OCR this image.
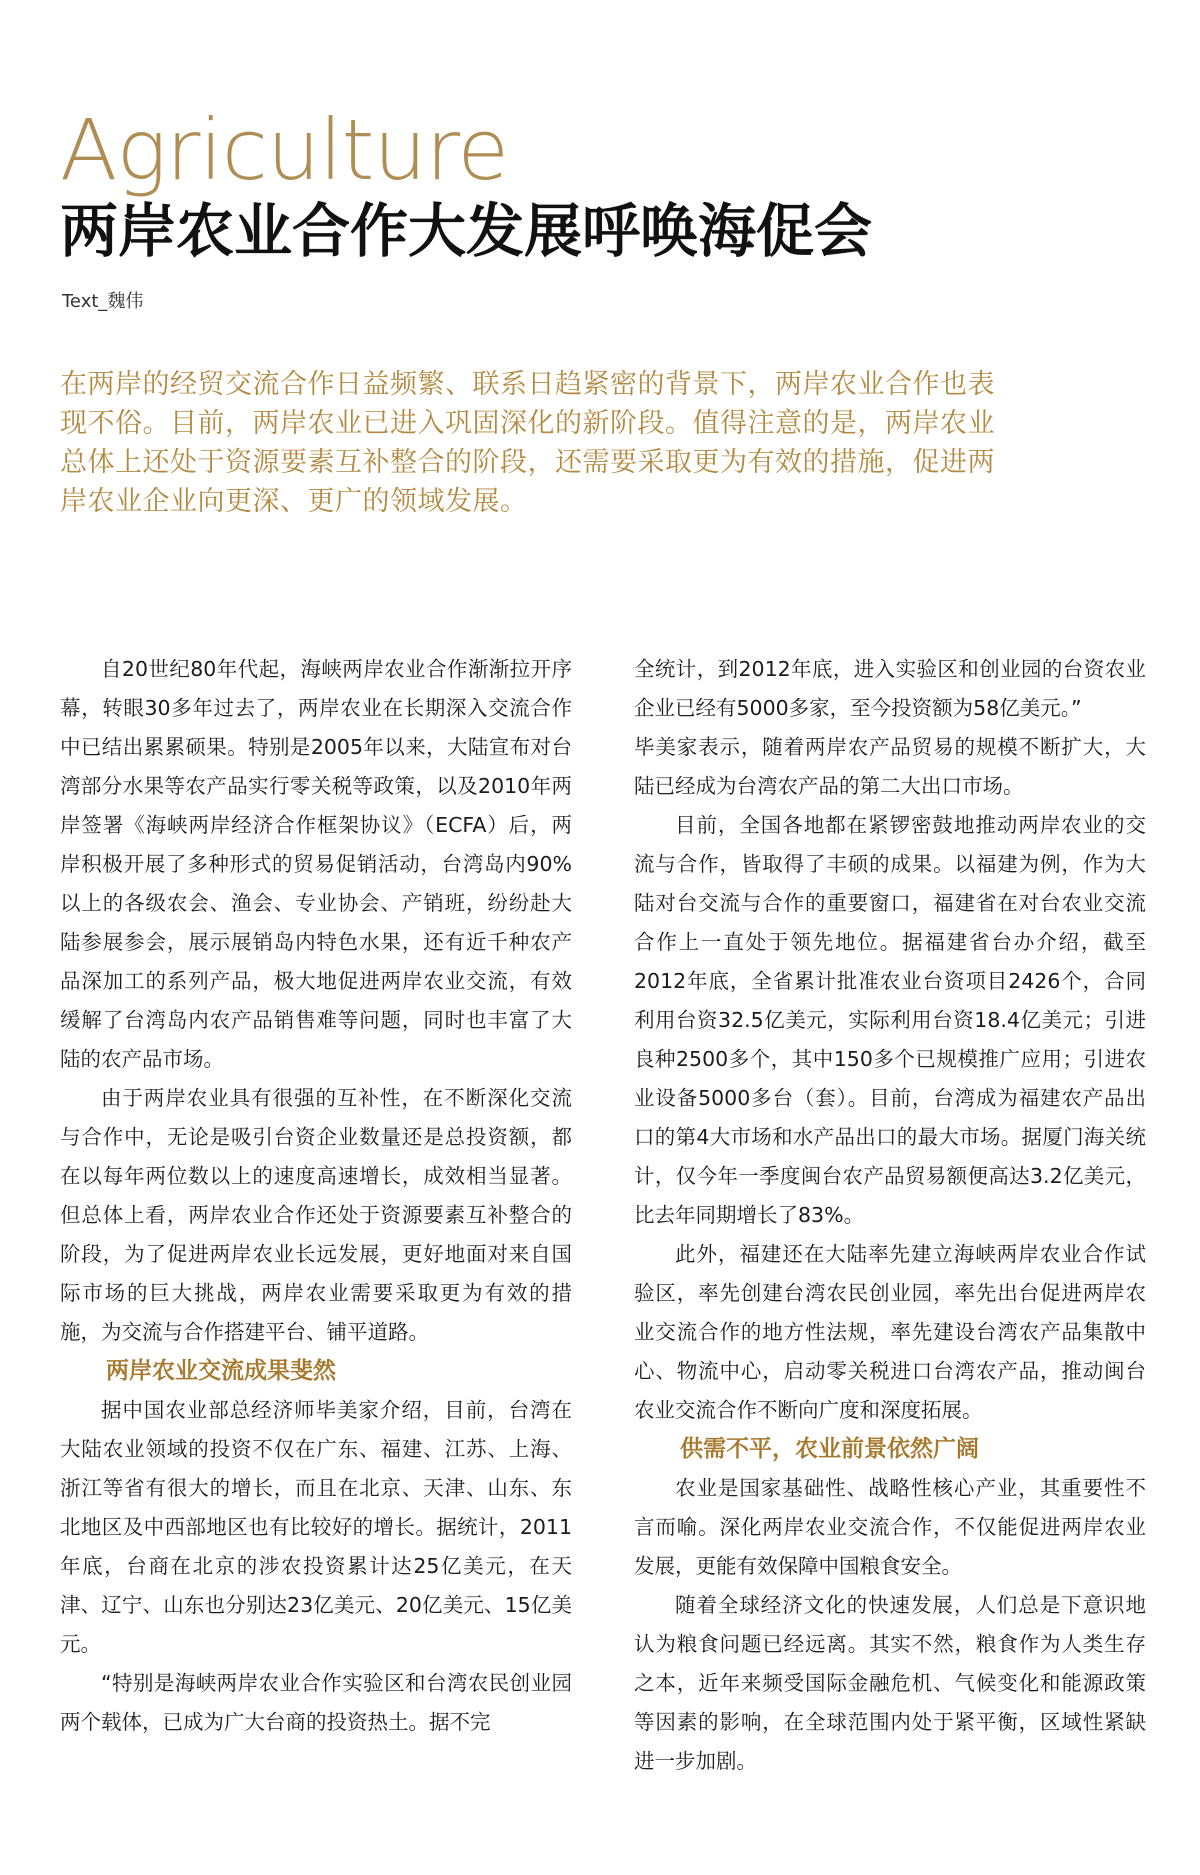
Agriculture
两岸农业合作大发展呼唤海促会
Text_魏伟
在两岸的经贸交流合作日益频繁、联系日趋紧密的背景下，两岸农业合作也表现不俗。目前，两岸农业已进入巩固深化的新阶段。值得注意的是，两岸农业总体上还处于资源要素互补整合的阶段，还需要采取更为有效的措施，促进两岸农业企业向更深、更广的领域发展。

自20世纪80年代起，海峡两岸农业合作渐渐拉开序幕，转眼30多年过去了，两岸农业在长期深入交流合作中已结出累累硕果。特别是2005年以来，大陆宣布对台湾部分水果等农产品实行零关税等政策，以及2010年两岸签署《海峡两岸经济合作框架协议》（ECFA）后，两岸积极开展了多种形式的贸易促销活动，台湾岛内90%以上的各级农会、渔会、专业协会、产销班，纷纷赴大陆参展参会，展示展销岛内特色水果，还有近千种农产品深加工的系列产品，极大地促进两岸农业交流，有效缓解了台湾岛内农产品销售难等问题，同时也丰富了大陆的农产品市场。

由于两岸农业具有很强的互补性，在不断深化交流与合作中，无论是吸引台资企业数量还是总投资额，都在以每年两位数以上的速度高速增长，成效相当显著。但总体上看，两岸农业合作还处于资源要素互补整合的阶段，为了促进两岸农业长远发展，更好地面对来自国际市场的巨大挑战，两岸农业需要采取更为有效的措施，为交流与合作搭建平台、铺平道路。

两岸农业交流成果斐然

据中国农业部总经济师毕美家介绍，目前，台湾在大陆农业领域的投资不仅在广东、福建、江苏、上海、浙江等省有很大的增长，而且在北京、天津、山东、东北地区及中西部地区也有比较好的增长。据统计，2011年底，台商在北京的涉农投资累计达25亿美元，在天津、辽宁、山东也分别达23亿美元、20亿美元、15亿美元。

“特别是海峡两岸农业合作实验区和台湾农民创业园两个载体，已成为广大台商的投资热土。据不完

全统计，到2012年底，进入实验区和创业园的台资农业企业已经有5000多家，至今投资额为58亿美元。”

毕美家表示，随着两岸农产品贸易的规模不断扩大，大陆已经成为台湾农产品的第二大出口市场。

目前，全国各地都在紧锣密鼓地推动两岸农业的交流与合作，皆取得了丰硕的成果。以福建为例，作为大陆对台交流与合作的重要窗口，福建省在对台农业交流合作上一直处于领先地位。据福建省台办介绍，截至2012年底，全省累计批准农业台资项目2426个，合同利用台资32.5亿美元，实际利用台资18.4亿美元；引进良种2500多个，其中150多个已规模推广应用；引进农业设备5000多台（套）。目前，台湾成为福建农产品出口的第4大市场和水产品出口的最大市场。据厦门海关统计，仅今年一季度闽台农产品贸易额便高达3.2亿美元，比去年同期增长了83%。

此外，福建还在大陆率先建立海峡两岸农业合作试验区，率先创建台湾农民创业园，率先出台促进两岸农业交流合作的地方性法规，率先建设台湾农产品集散中心、物流中心，启动零关税进口台湾农产品，推动闽台农业交流合作不断向广度和深度拓展。

供需不平，农业前景依然广阔

农业是国家基础性、战略性核心产业，其重要性不言而喻。深化两岸农业交流合作，不仅能促进两岸农业发展，更能有效保障中国粮食安全。

随着全球经济文化的快速发展，人们总是下意识地认为粮食问题已经远离。其实不然，粮食作为人类生存之本，近年来频受国际金融危机、气候变化和能源政策等因素的影响，在全球范围内处于紧平衡，区域性紧缺进一步加剧。
